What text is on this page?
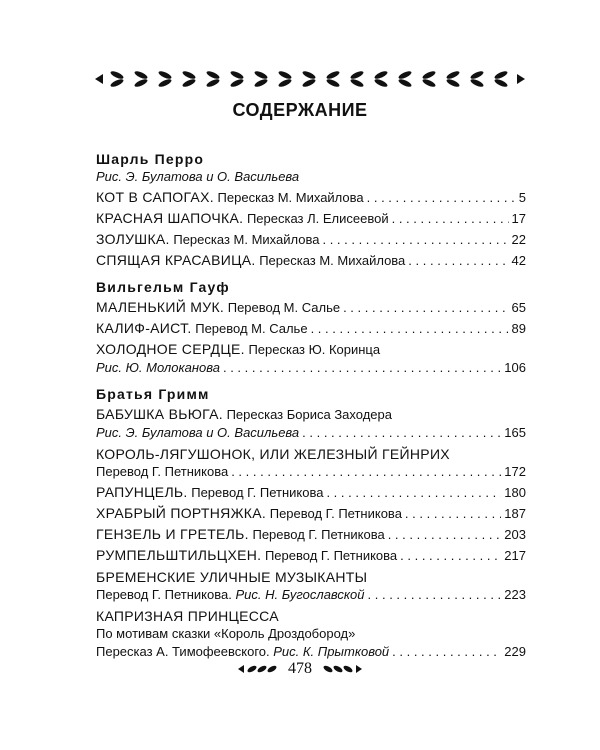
СОДЕРЖАНИЕ
Шарль Перро
Рис. Э. Булатова и О. Васильева
КОТ В САПОГАХ. Пересказ М. Михайлова . . .	5
КРАСНАЯ ШАПОЧКА. Пересказ Л. Елисеевой . . .	17
ЗОЛУШКА. Пересказ М. Михайлова . . .	22
СПЯЩАЯ КРАСАВИЦА. Пересказ М. Михайлова . . .	42
Вильгельм Гауф
МАЛЕНЬКИЙ МУК. Перевод М. Салье . . .	65
КАЛИФ-АИСТ. Перевод М. Салье . . .	89
ХОЛОДНОЕ СЕРДЦЕ. Пересказ Ю. Коринца
Рис. Ю. Молоканова . . .	106
Братья Гримм
БАБУШКА ВЬЮГА. Пересказ Бориса Заходера
Рис. Э. Булатова и О. Васильева . . .	165
КОРОЛЬ-ЛЯГУШОНОК, ИЛИ ЖЕЛЕЗНЫЙ ГЕЙНРИХ
Перевод Г. Петникова . . .	172
РАПУНЦЕЛЬ. Перевод Г. Петникова . . .	180
ХРАБРЫЙ ПОРТНЯЖКА. Перевод Г. Петникова . . .	187
ГЕНЗЕЛЬ И ГРЕТЕЛЬ. Перевод Г. Петникова . . .	203
РУМПЕЛЬШТИЛЬЦХЕН. Перевод Г. Петникова . . .	217
БРЕМЕНСКИЕ УЛИЧНЫЕ МУЗЫКАНТЫ
Перевод Г. Петникова. Рис. Н. Бугославской . . .	223
КАПРИЗНАЯ ПРИНЦЕССА
По мотивам сказки «Король Дроздобород»
Пересказ А. Тимофеевского. Рис. К. Прытковой . . .	229
478
